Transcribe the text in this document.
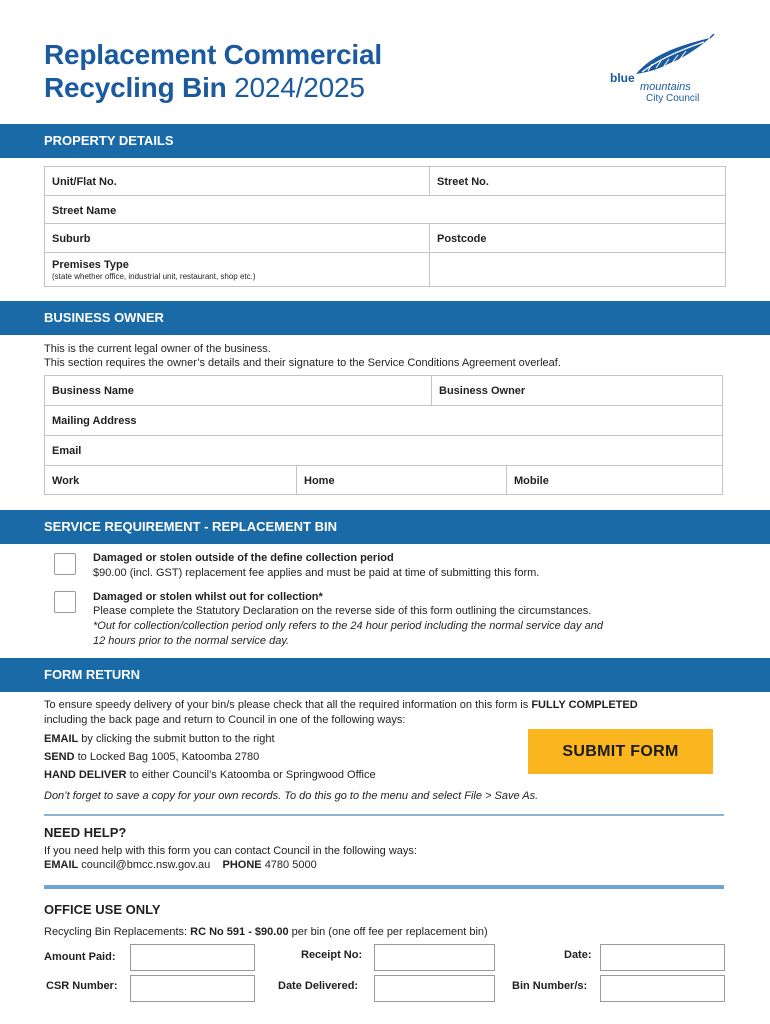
Replacement Commercial
Recycling Bin 2024/2025	blue
mountains
City Council
PROPERTY DETAILS
Unit/Flat No.	Street No.
Street Name
Suburb	Postcode
Premises Type
(state whether office, industrial unit, restaurant, shop etc.)
BUSINESS OWNER
This is the current legal owner of the business.
This section requires the owner’s details and their signature to the Service Conditions Agreement overleaf.
Business Name	Business Owner
Mailing Address
Email
Work	Home	Mobile
SERVICE REQUIREMENT - REPLACEMENT BIN
Damaged or stolen outside of the define collection period
$90.00 (incl. GST) replacement fee applies and must be paid at time of submitting this form.
Damaged or stolen whilst out for collection*
Please complete the Statutory Declaration on the reverse side of this form outlining the circumstances.
*Out for collection/collection period only refers to the 24 hour period including the normal service day and
12 hours prior to the normal service day.
FORM RETURN
To ensure speedy delivery of your bin/s please check that all the required information on this form is FULLY COMPLETED
including the back page and return to Council in one of the following ways:
EMAIL by clicking the submit button to the right
SEND to Locked Bag 1005, Katoomba 2780
HAND DELIVER to either Council’s Katoomba or Springwood Office
Don’t forget to save a copy for your own records. To do this go to the menu and select File > Save As.
SUBMIT FORM
NEED HELP?
If you need help with this form you can contact Council in the following ways:
EMAIL council@bmcc.nsw.gov.au PHONE 4780 5000
OFFICE USE ONLY
Recycling Bin Replacements: RC No 591 - $90.00 per bin (one off fee per replacement bin)
Amount Paid:	Receipt No:	Date:
CSR Number:	Date Delivered:	Bin Number/s:
